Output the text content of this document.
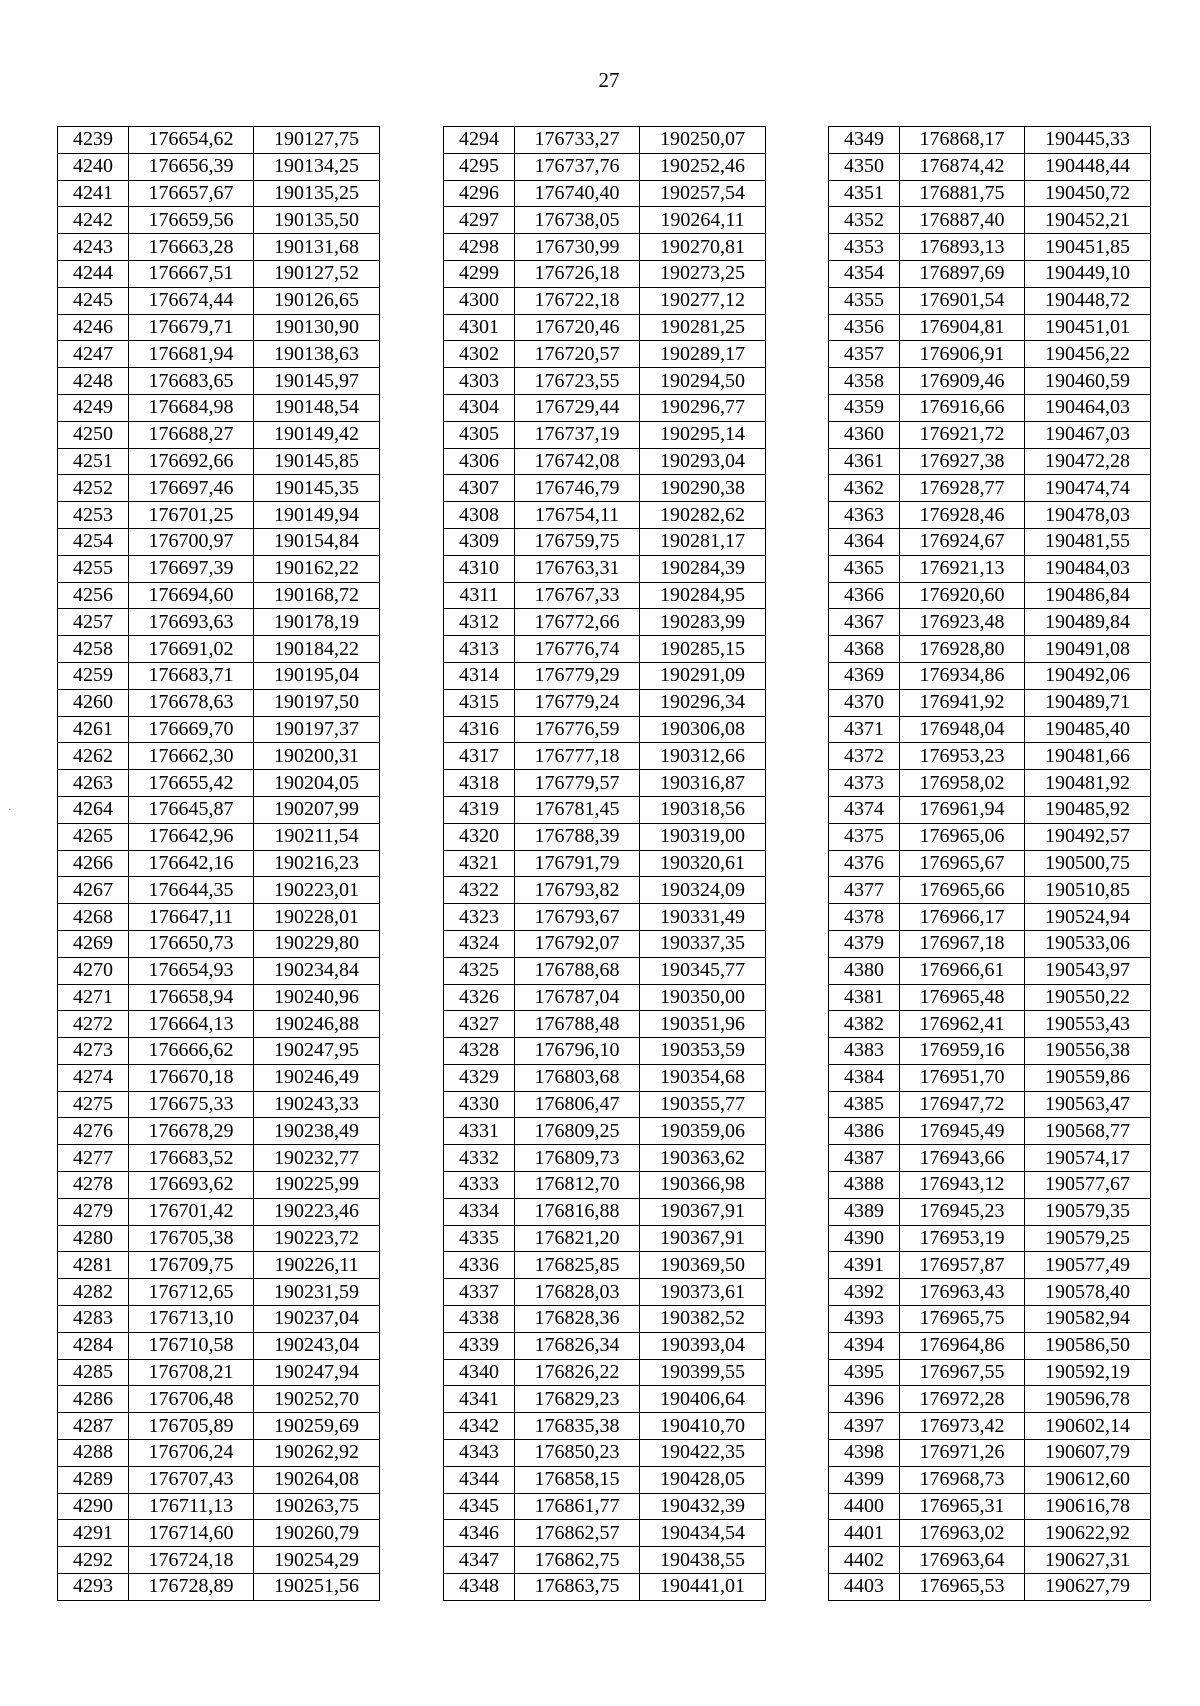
27
·
4239	176654,62	190127,75
4240	176656,39	190134,25
4241	176657,67	190135,25
4242	176659,56	190135,50
4243	176663,28	190131,68
4244	176667,51	190127,52
4245	176674,44	190126,65
4246	176679,71	190130,90
4247	176681,94	190138,63
4248	176683,65	190145,97
4249	176684,98	190148,54
4250	176688,27	190149,42
4251	176692,66	190145,85
4252	176697,46	190145,35
4253	176701,25	190149,94
4254	176700,97	190154,84
4255	176697,39	190162,22
4256	176694,60	190168,72
4257	176693,63	190178,19
4258	176691,02	190184,22
4259	176683,71	190195,04
4260	176678,63	190197,50
4261	176669,70	190197,37
4262	176662,30	190200,31
4263	176655,42	190204,05
4264	176645,87	190207,99
4265	176642,96	190211,54
4266	176642,16	190216,23
4267	176644,35	190223,01
4268	176647,11	190228,01
4269	176650,73	190229,80
4270	176654,93	190234,84
4271	176658,94	190240,96
4272	176664,13	190246,88
4273	176666,62	190247,95
4274	176670,18	190246,49
4275	176675,33	190243,33
4276	176678,29	190238,49
4277	176683,52	190232,77
4278	176693,62	190225,99
4279	176701,42	190223,46
4280	176705,38	190223,72
4281	176709,75	190226,11
4282	176712,65	190231,59
4283	176713,10	190237,04
4284	176710,58	190243,04
4285	176708,21	190247,94
4286	176706,48	190252,70
4287	176705,89	190259,69
4288	176706,24	190262,92
4289	176707,43	190264,08
4290	176711,13	190263,75
4291	176714,60	190260,79
4292	176724,18	190254,29
4293	176728,89	190251,56
4294	176733,27	190250,07
4295	176737,76	190252,46
4296	176740,40	190257,54
4297	176738,05	190264,11
4298	176730,99	190270,81
4299	176726,18	190273,25
4300	176722,18	190277,12
4301	176720,46	190281,25
4302	176720,57	190289,17
4303	176723,55	190294,50
4304	176729,44	190296,77
4305	176737,19	190295,14
4306	176742,08	190293,04
4307	176746,79	190290,38
4308	176754,11	190282,62
4309	176759,75	190281,17
4310	176763,31	190284,39
4311	176767,33	190284,95
4312	176772,66	190283,99
4313	176776,74	190285,15
4314	176779,29	190291,09
4315	176779,24	190296,34
4316	176776,59	190306,08
4317	176777,18	190312,66
4318	176779,57	190316,87
4319	176781,45	190318,56
4320	176788,39	190319,00
4321	176791,79	190320,61
4322	176793,82	190324,09
4323	176793,67	190331,49
4324	176792,07	190337,35
4325	176788,68	190345,77
4326	176787,04	190350,00
4327	176788,48	190351,96
4328	176796,10	190353,59
4329	176803,68	190354,68
4330	176806,47	190355,77
4331	176809,25	190359,06
4332	176809,73	190363,62
4333	176812,70	190366,98
4334	176816,88	190367,91
4335	176821,20	190367,91
4336	176825,85	190369,50
4337	176828,03	190373,61
4338	176828,36	190382,52
4339	176826,34	190393,04
4340	176826,22	190399,55
4341	176829,23	190406,64
4342	176835,38	190410,70
4343	176850,23	190422,35
4344	176858,15	190428,05
4345	176861,77	190432,39
4346	176862,57	190434,54
4347	176862,75	190438,55
4348	176863,75	190441,01
4349	176868,17	190445,33
4350	176874,42	190448,44
4351	176881,75	190450,72
4352	176887,40	190452,21
4353	176893,13	190451,85
4354	176897,69	190449,10
4355	176901,54	190448,72
4356	176904,81	190451,01
4357	176906,91	190456,22
4358	176909,46	190460,59
4359	176916,66	190464,03
4360	176921,72	190467,03
4361	176927,38	190472,28
4362	176928,77	190474,74
4363	176928,46	190478,03
4364	176924,67	190481,55
4365	176921,13	190484,03
4366	176920,60	190486,84
4367	176923,48	190489,84
4368	176928,80	190491,08
4369	176934,86	190492,06
4370	176941,92	190489,71
4371	176948,04	190485,40
4372	176953,23	190481,66
4373	176958,02	190481,92
4374	176961,94	190485,92
4375	176965,06	190492,57
4376	176965,67	190500,75
4377	176965,66	190510,85
4378	176966,17	190524,94
4379	176967,18	190533,06
4380	176966,61	190543,97
4381	176965,48	190550,22
4382	176962,41	190553,43
4383	176959,16	190556,38
4384	176951,70	190559,86
4385	176947,72	190563,47
4386	176945,49	190568,77
4387	176943,66	190574,17
4388	176943,12	190577,67
4389	176945,23	190579,35
4390	176953,19	190579,25
4391	176957,87	190577,49
4392	176963,43	190578,40
4393	176965,75	190582,94
4394	176964,86	190586,50
4395	176967,55	190592,19
4396	176972,28	190596,78
4397	176973,42	190602,14
4398	176971,26	190607,79
4399	176968,73	190612,60
4400	176965,31	190616,78
4401	176963,02	190622,92
4402	176963,64	190627,31
4403	176965,53	190627,79
